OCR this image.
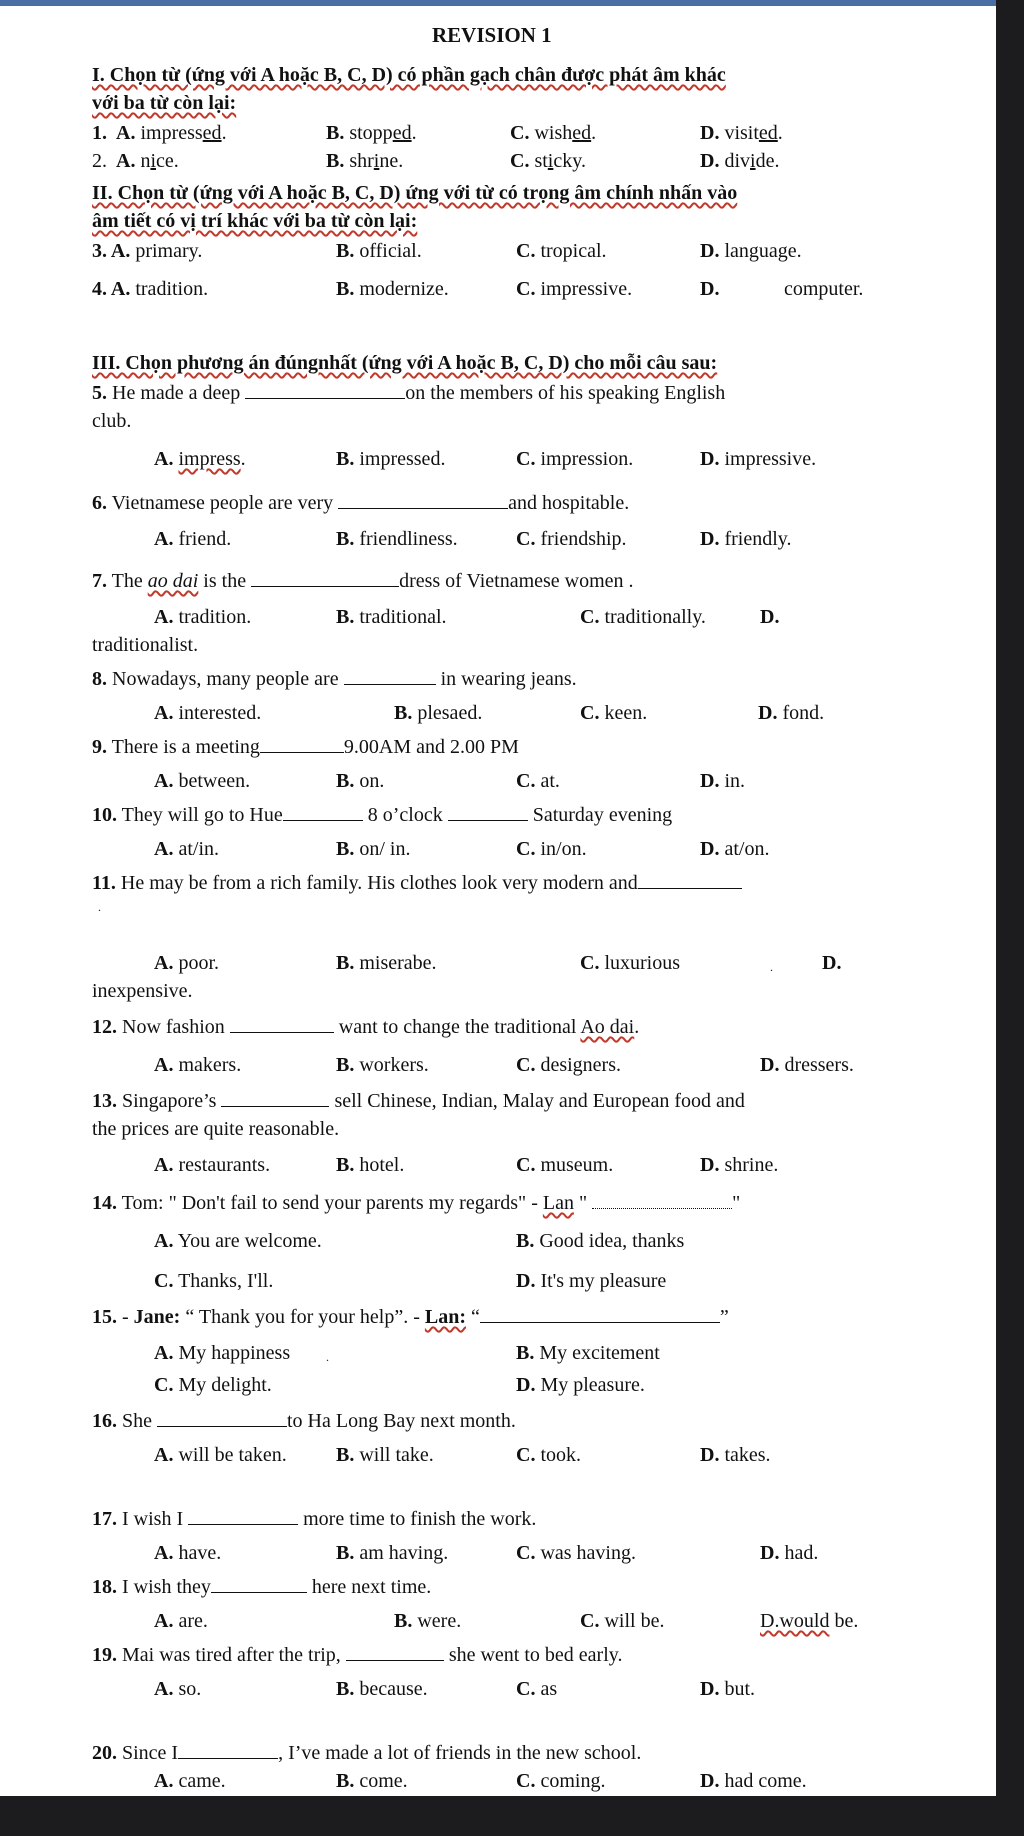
REVISION 1
I. Chọn từ (ứng với A hoặc B, C, D) có phần gạch chân được phát âm khác
với ba từ còn lại:
1. A. impressed.	B. stopped.	C. wished.	D. visited.
2. A. nice.	B. shrine.	C. sticky.	D. divide.
II. Chọn từ (ứng với A hoặc B, C, D) ứng với từ có trọng âm chính nhấn vào
âm tiết có vị trí khác với ba từ còn lại:
3. A. primary.	B. official.	C. tropical.	D. language.
4. A. tradition.	B. modernize.	C. impressive.	D.	computer.
III. Chọn phương án đúngnhất (ứng với A hoặc B, C, D) cho mỗi câu sau:
5. He made a deep	on the members of his speaking English
club.
A. impress.	B. impressed.	C. impression.	D. impressive.
6. Vietnamese people are very	and hospitable.
A. friend.	B. friendliness.	C. friendship.	D. friendly.
7. The ao dai is the	dress of Vietnamese women .
A. tradition.	B. traditional.	C. traditionally.	D.
traditionalist.
8. Nowadays, many people are	in wearing jeans.
A. interested.	B. plesaed.	C. keen.	D. fond.
9. There is a meeting	9.00AM and 2.00 PM
A. between.	B. on.	C. at.	D. in.
10. They will go to Hue	8 o’clock	Saturday evening
A. at/in.	B. on/ in.	C. in/on.	D. at/on.
11. He may be from a rich family. His clothes look very modern and
.
A. poor.	B. miserabe.	C. luxurious	. D.
inexpensive.
12. Now fashion	want to change the traditional Ao dai.
A. makers.	B. workers.	C. designers.	D. dressers.
13. Singapore’s	sell Chinese, Indian, Malay and European food and
the prices are quite reasonable.
A. restaurants.	B. hotel.	C. museum.	D. shrine.
14. Tom: " Don't fail to send your parents my regards" - Lan "	"
A. You are welcome.	B. Good idea, thanks
C. Thanks, I'll.	D. It's my pleasure
15. - Jane: “ Thank you for your help”. - Lan: “	”
A. My happiness	.	B. My excitement
C. My delight.	D. My pleasure.
16. She	to Ha Long Bay next month.
A. will be taken. B. will take.	C. took.	D. takes.
17. I wish I	more time to finish the work.
A. have.	B. am having.	C. was having.	D. had.
18. I wish they	here next time.
A. are.	B. were.	C. will be.	D.would be.
19. Mai was tired after the trip,	she went to bed early.
A. so.	B. because.	C. as	D. but.
20. Since I	, I’ve made a lot of friends in the new school.
A. came.	B. come.	C. coming.	D. had come.
